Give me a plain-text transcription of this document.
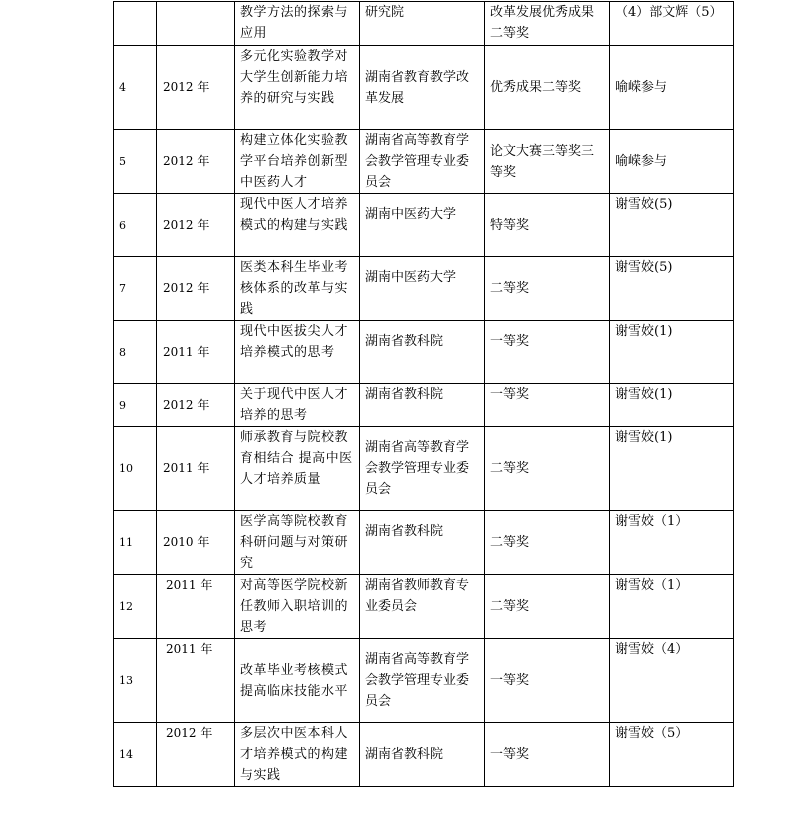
		教学方法的探索与应用	研究院	改革发展优秀成果二等奖	（4）部文辉（5）
4	2012 年	多元化实验教学对大学生创新能力培养的研究与实践	湖南省教育教学改革发展	优秀成果二等奖	喻嵘参与
5	2012 年	构建立体化实验教学平台培养创新型中医药人才	湖南省高等教育学会教学管理专业委员会	论文大赛三等奖三等奖	喻嵘参与
6	2012 年	现代中医人才培养模式的构建与实践	湖南中医药大学	特等奖	谢雪姣(5)
7	2012 年	医类本科生毕业考核体系的改革与实践	湖南中医药大学	二等奖	谢雪姣(5)
8	2011 年	现代中医拔尖人才培养模式的思考	湖南省教科院	一等奖	谢雪姣(1)
9	2012 年	关于现代中医人才培养的思考	湖南省教科院	一等奖	谢雪姣(1)
10	2011 年	师承教育与院校教育相结合 提高中医人才培养质量	湖南省高等教育学会教学管理专业委员会	二等奖	谢雪姣(1)
11	2010 年	医学高等院校教育科研问题与对策研究	湖南省教科院	二等奖	谢雪姣（1）
12	2011 年	对高等医学院校新任教师入职培训的思考	湖南省教师教育专业委员会	二等奖	谢雪姣（1）
13	2011 年	改革毕业考核模式 提高临床技能水平	湖南省高等教育学会教学管理专业委员会	一等奖	谢雪姣（4）
14	2012 年	多层次中医本科人才培养模式的构建与实践	湖南省教科院	一等奖	谢雪姣（5）
